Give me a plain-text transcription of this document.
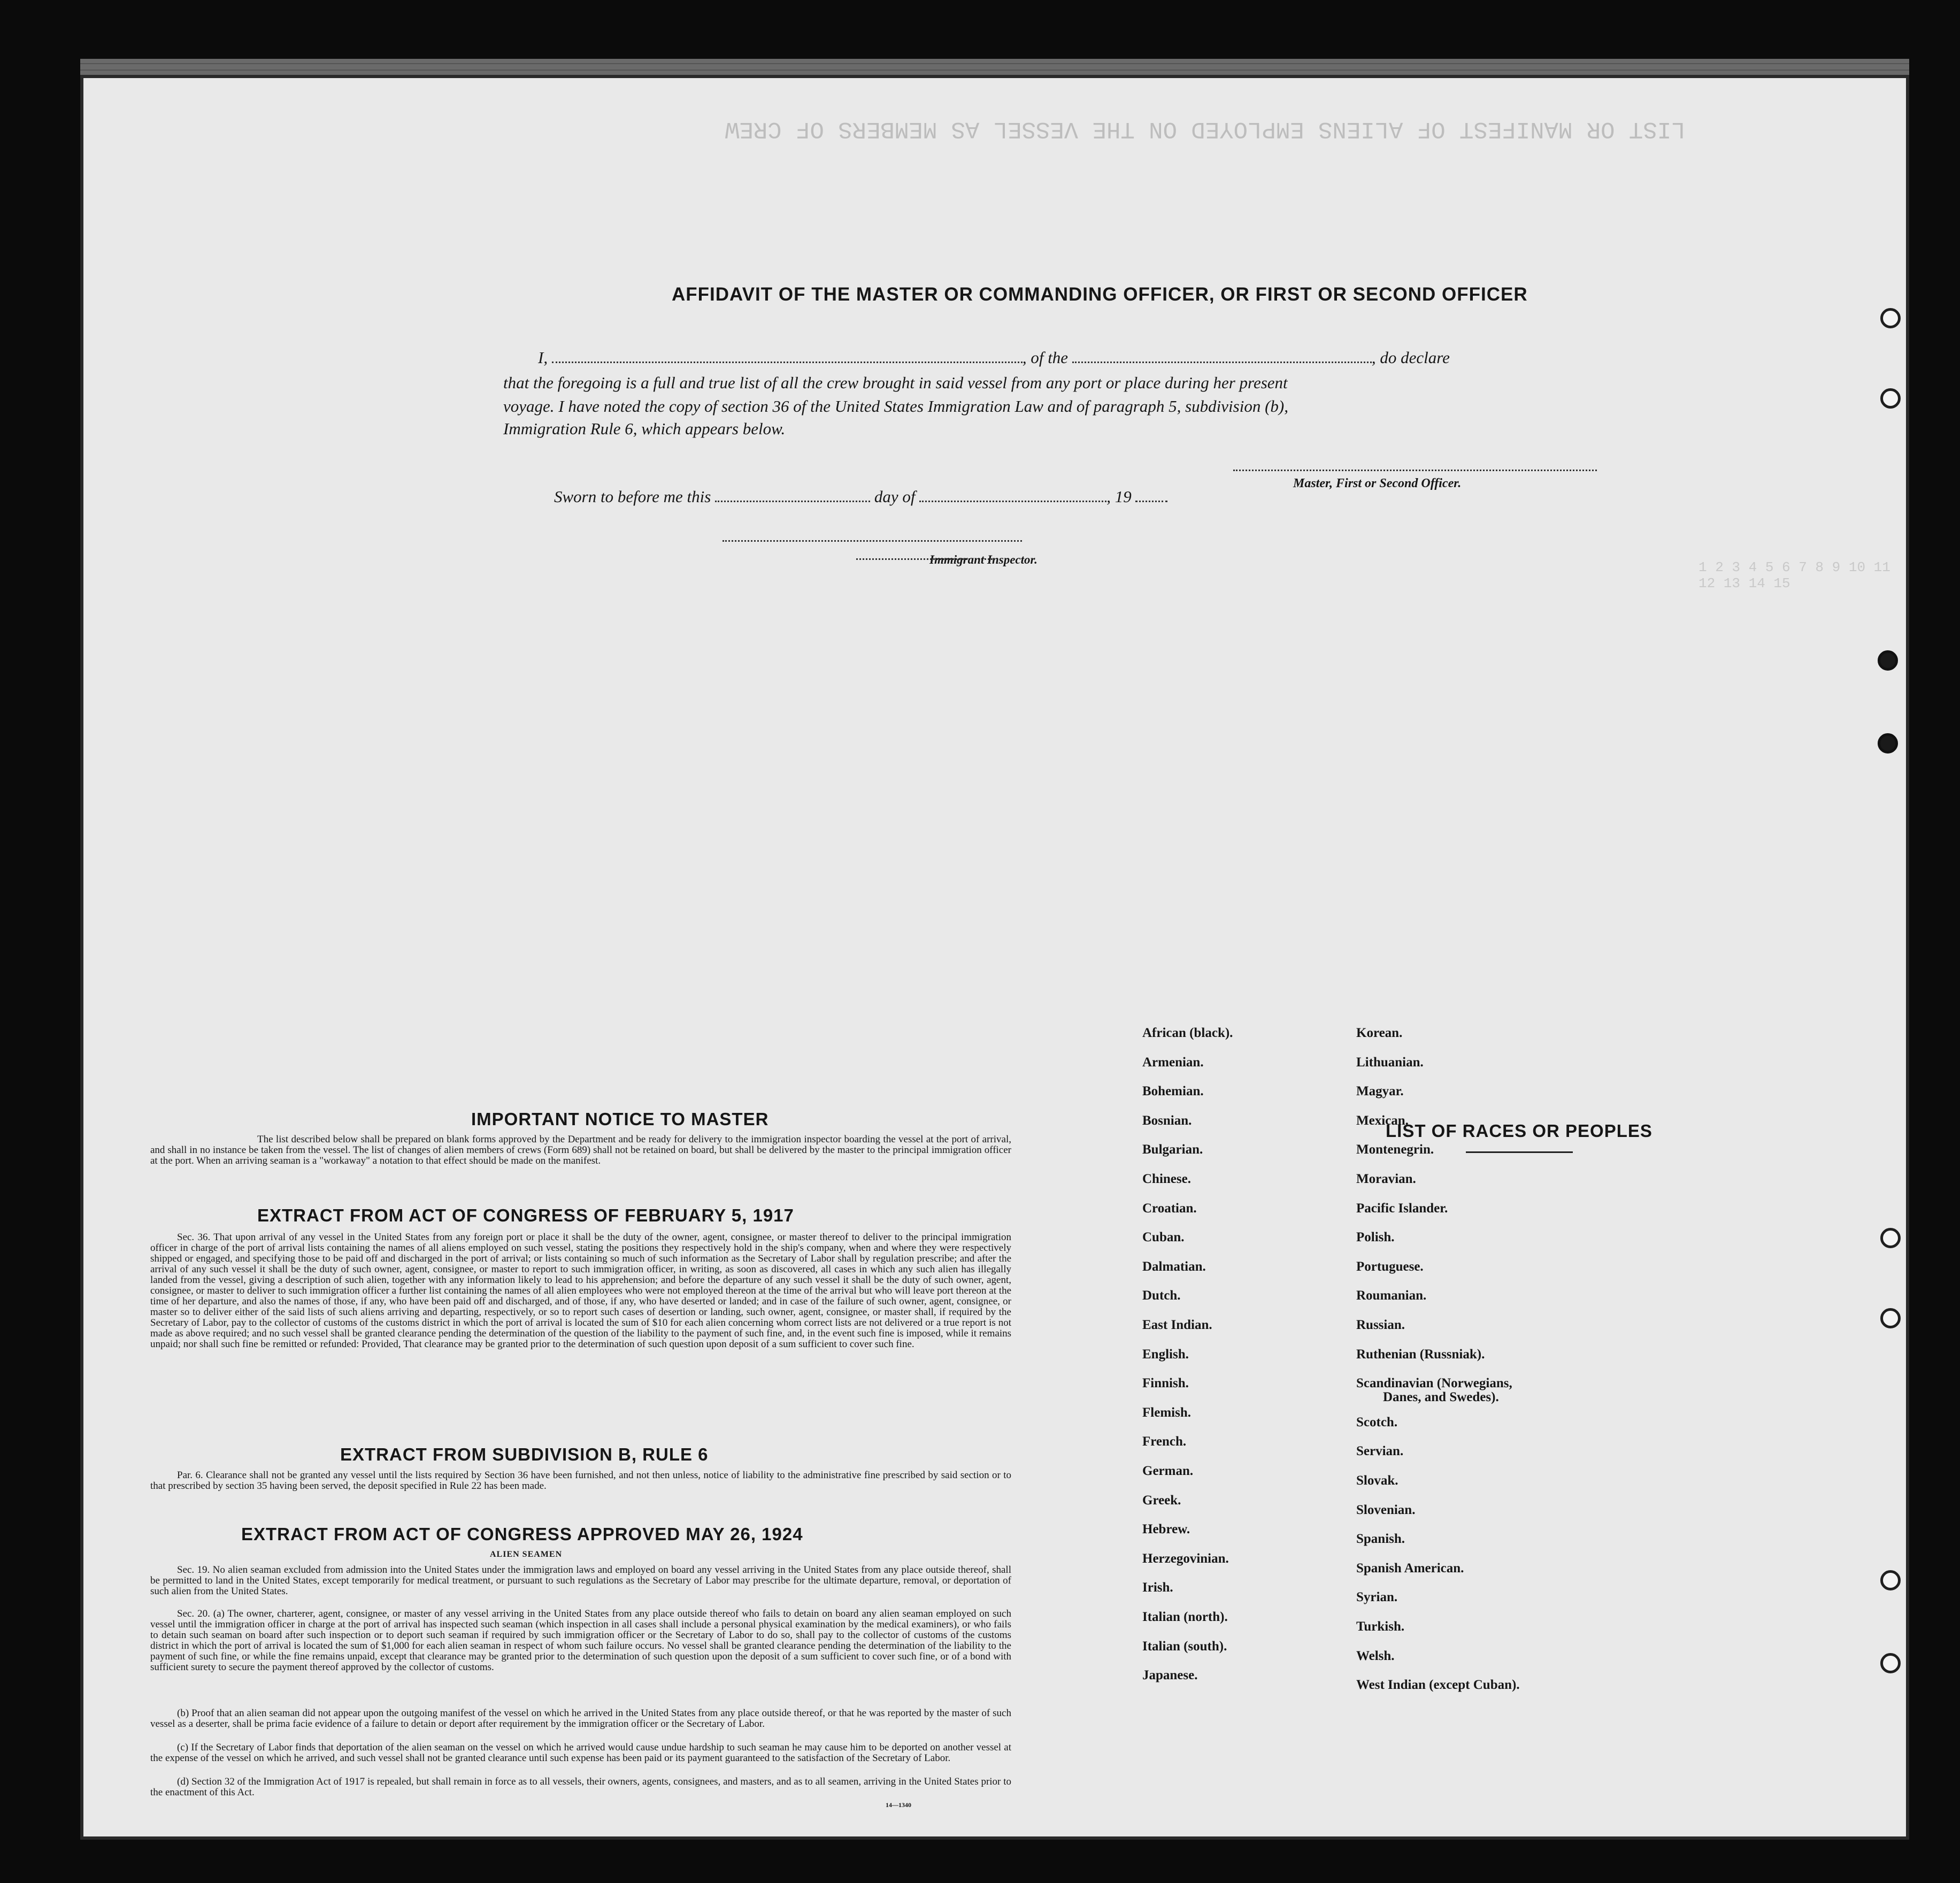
LIST OR MANIFEST OF ALIENS EMPLOYED ON THE VESSEL AS MEMBERS OF CREW
1 2 3 4 5 6 7 8 9 10 11 12 13 14 15
AFFIDAVIT OF THE MASTER OR COMMANDING OFFICER, OR FIRST OR SECOND OFFICER
I,	, of the	, do declare
that the foregoing is a full and true list of all the crew brought in said vessel from any port or place during her present
voyage. I have noted the copy of section 36 of the United States Immigration Law and of paragraph 5, subdivision (b),
Immigration Rule 6, which appears below.
Master, First or Second Officer.
Sworn to before me this	day of	, 19
Immigrant Inspector.
IMPORTANT NOTICE TO MASTER
The list described below shall be prepared on blank forms approved by the Department and be ready for delivery to the immigration inspector boarding the vessel at the port of arrival, and shall in no instance be taken from the vessel. The list of changes of alien members of crews (Form 689) shall not be retained on board, but shall be delivered by the master to the principal immigration officer at the port. When an arriving seaman is a "workaway" a notation to that effect should be made on the manifest.
EXTRACT FROM ACT OF CONGRESS OF FEBRUARY 5, 1917
Sec. 36. That upon arrival of any vessel in the United States from any foreign port or place it shall be the duty of the owner, agent, consignee, or master thereof to deliver to the principal immigration officer in charge of the port of arrival lists containing the names of all aliens employed on such vessel, stating the positions they respectively hold in the ship's company, when and where they were respectively shipped or engaged, and specifying those to be paid off and discharged in the port of arrival; or lists containing so much of such information as the Secretary of Labor shall by regulation prescribe; and after the arrival of any such vessel it shall be the duty of such owner, agent, consignee, or master to report to such immigration officer, in writing, as soon as discovered, all cases in which any such alien has illegally landed from the vessel, giving a description of such alien, together with any information likely to lead to his apprehension; and before the departure of any such vessel it shall be the duty of such owner, agent, consignee, or master to deliver to such immigration officer a further list containing the names of all alien employees who were not employed thereon at the time of the arrival but who will leave port thereon at the time of her departure, and also the names of those, if any, who have been paid off and discharged, and of those, if any, who have deserted or landed; and in case of the failure of such owner, agent, consignee, or master so to deliver either of the said lists of such aliens arriving and departing, respectively, or so to report such cases of desertion or landing, such owner, agent, consignee, or master shall, if required by the Secretary of Labor, pay to the collector of customs of the customs district in which the port of arrival is located the sum of $10 for each alien concerning whom correct lists are not delivered or a true report is not made as above required; and no such vessel shall be granted clearance pending the determination of the question of the liability to the payment of such fine, and, in the event such fine is imposed, while it remains unpaid; nor shall such fine be remitted or refunded: Provided, That clearance may be granted prior to the determination of such question upon deposit of a sum sufficient to cover such fine.
EXTRACT FROM SUBDIVISION B, RULE 6
Par. 6. Clearance shall not be granted any vessel until the lists required by Section 36 have been furnished, and not then unless, notice of liability to the administrative fine prescribed by said section or to that prescribed by section 35 having been served, the deposit specified in Rule 22 has been made.
EXTRACT FROM ACT OF CONGRESS APPROVED MAY 26, 1924
ALIEN SEAMEN
Sec. 19. No alien seaman excluded from admission into the United States under the immigration laws and employed on board any vessel arriving in the United States from any place outside thereof, shall be permitted to land in the United States, except temporarily for medical treatment, or pursuant to such regulations as the Secretary of Labor may prescribe for the ultimate departure, removal, or deportation of such alien from the United States.
Sec. 20. (a) The owner, charterer, agent, consignee, or master of any vessel arriving in the United States from any place outside thereof who fails to detain on board any alien seaman employed on such vessel until the immigration officer in charge at the port of arrival has inspected such seaman (which inspection in all cases shall include a personal physical examination by the medical examiners), or who fails to detain such seaman on board after such inspection or to deport such seaman if required by such immigration officer or the Secretary of Labor to do so, shall pay to the collector of customs of the customs district in which the port of arrival is located the sum of $1,000 for each alien seaman in respect of whom such failure occurs. No vessel shall be granted clearance pending the determination of the liability to the payment of such fine, or while the fine remains unpaid, except that clearance may be granted prior to the determination of such question upon the deposit of a sum sufficient to cover such fine, or of a bond with sufficient surety to secure the payment thereof approved by the collector of customs.
(b) Proof that an alien seaman did not appear upon the outgoing manifest of the vessel on which he arrived in the United States from any place outside thereof, or that he was reported by the master of such vessel as a deserter, shall be prima facie evidence of a failure to detain or deport after requirement by the immigration officer or the Secretary of Labor.
(c) If the Secretary of Labor finds that deportation of the alien seaman on the vessel on which he arrived would cause undue hardship to such seaman he may cause him to be deported on another vessel at the expense of the vessel on which he arrived, and such vessel shall not be granted clearance until such expense has been paid or its payment guaranteed to the satisfaction of the Secretary of Labor.
(d) Section 32 of the Immigration Act of 1917 is repealed, but shall remain in force as to all vessels, their owners, agents, consignees, and masters, and as to all seamen, arriving in the United States prior to the enactment of this Act.
14—1340
LIST OF RACES OR PEOPLES
African (black).
Armenian.
Bohemian.
Bosnian.
Bulgarian.
Chinese.
Croatian.
Cuban.
Dalmatian.
Dutch.
East Indian.
English.
Finnish.
Flemish.
French.
German.
Greek.
Hebrew.
Herzegovinian.
Irish.
Italian (north).
Italian (south).
Japanese.
Korean.
Lithuanian.
Magyar.
Mexican.
Montenegrin.
Moravian.
Pacific Islander.
Polish.
Portuguese.
Roumanian.
Russian.
Ruthenian (Russniak).
Scandinavian (Norwegians,
Danes, and Swedes).
Scotch.
Servian.
Slovak.
Slovenian.
Spanish.
Spanish American.
Syrian.
Turkish.
Welsh.
West Indian (except Cuban).
